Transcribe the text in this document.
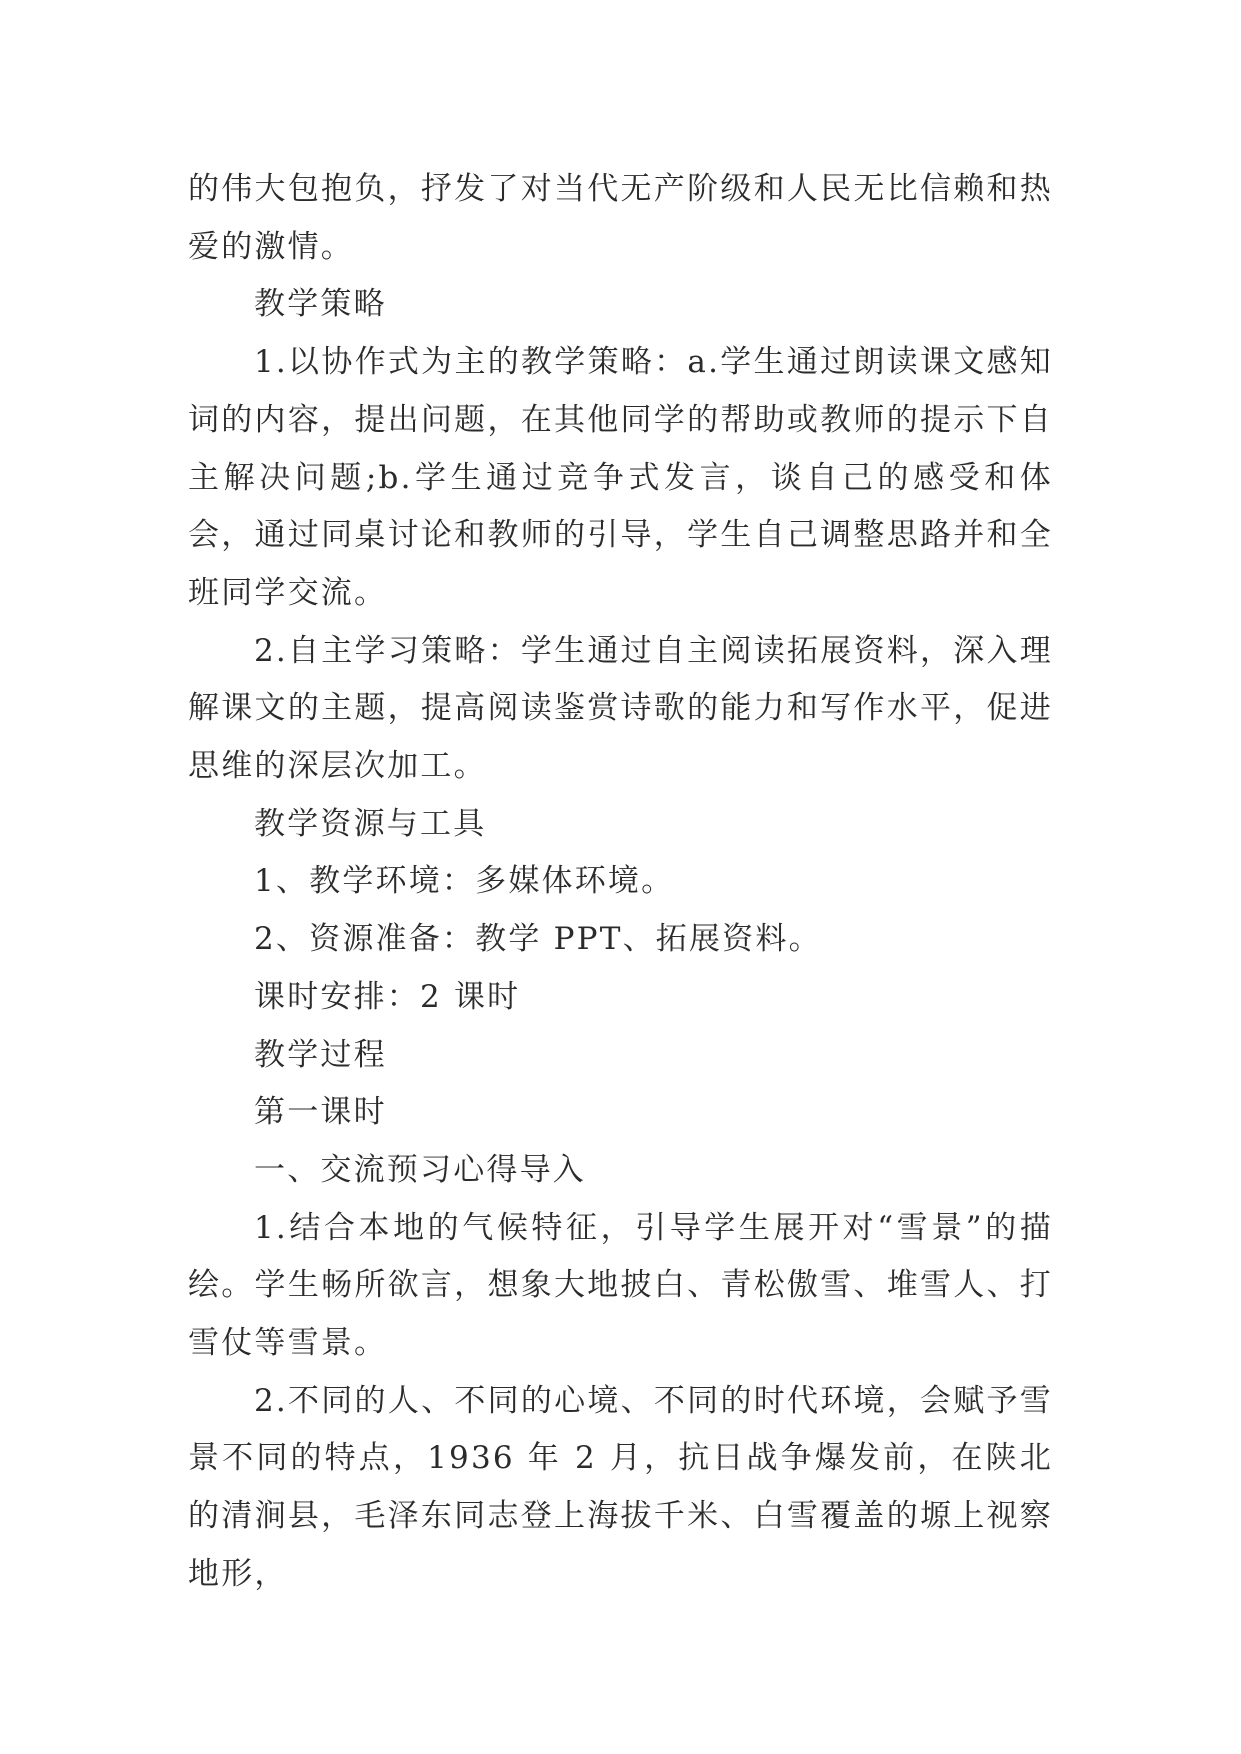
的伟大包抱负，抒发了对当代无产阶级和人民无比信赖和热爱的激情。

教学策略

1.以协作式为主的教学策略：a.学生通过朗读课文感知词的内容，提出问题，在其他同学的帮助或教师的提示下自主解决问题;b.学生通过竞争式发言，谈自己的感受和体会，通过同桌讨论和教师的引导，学生自己调整思路并和全班同学交流。

2.自主学习策略：学生通过自主阅读拓展资料，深入理解课文的主题，提高阅读鉴赏诗歌的能力和写作水平，促进思维的深层次加工。

教学资源与工具

1、教学环境：多媒体环境。

2、资源准备：教学 PPT、拓展资料。

课时安排：2 课时

教学过程

第一课时

一、交流预习心得导入

1.结合本地的气候特征，引导学生展开对“雪景”的描绘。学生畅所欲言，想象大地披白、青松傲雪、堆雪人、打雪仗等雪景。

2.不同的人、不同的心境、不同的时代环境，会赋予雪景不同的特点，1936 年 2 月，抗日战争爆发前，在陕北的清涧县，毛泽东同志登上海拔千米、白雪覆盖的塬上视察地形，
